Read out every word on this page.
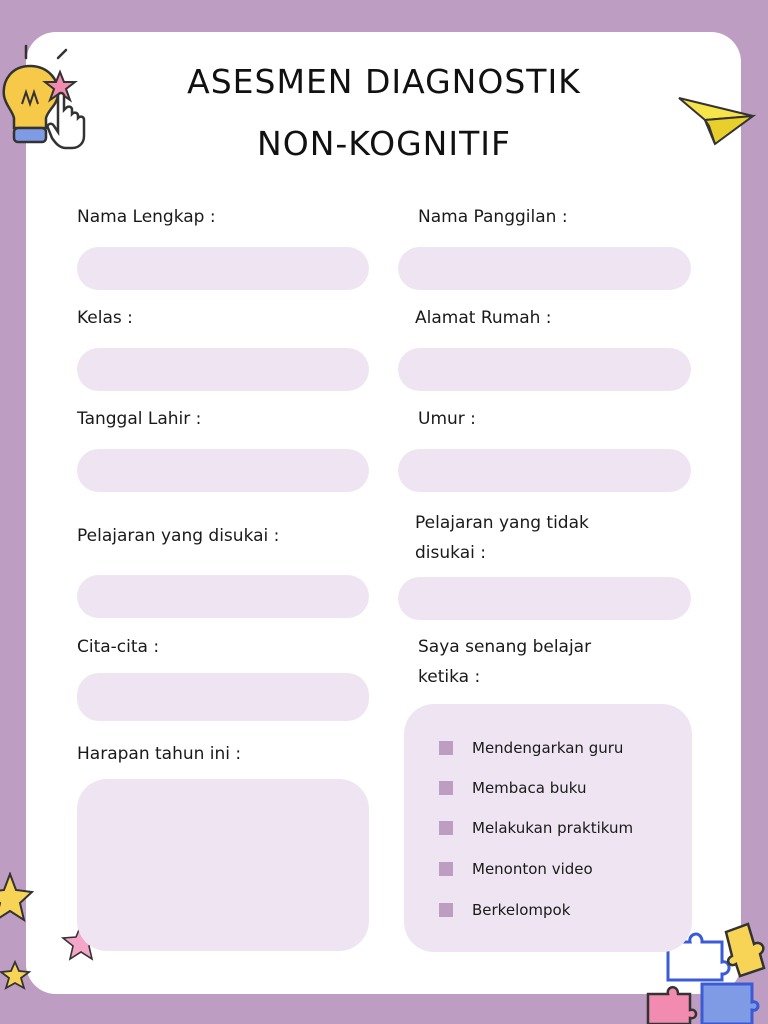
ASESMEN DIAGNOSTIK
NON-KOGNITIF
Nama Lengkap :
Kelas :
Tanggal Lahir :
Pelajaran yang disukai :
Cita-cita :
Harapan tahun ini :
Nama Panggilan :
Alamat Rumah :
Umur :
Pelajaran yang tidak
disukai :
Saya senang belajar
ketika :
Mendengarkan guru
Membaca buku
Melakukan praktikum
Menonton video
Berkelompok
